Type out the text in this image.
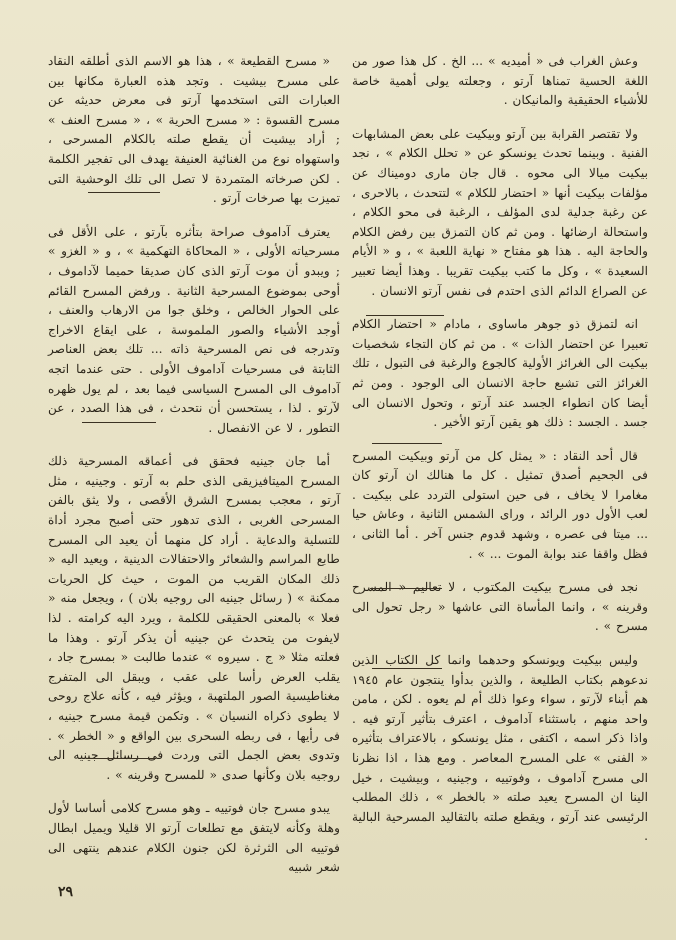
وعش الغراب فى « أميديه » ... الخ . كل هذا صور من اللغة الحسية تمناها آرتو ، وجعلته يولى أهمية خاصة للأشياء الحقيقية والمانيكان .

ولا تقتصر القرابة بين آرتو وبيكيت على بعض المشابهات الفنية . وبينما تحدث يونسكو عن « تحلل الكلام » ، نجد بيكيت ميالا الى محوه . قال جان مارى دوميناك عن مؤلفات بيكيت أنها « احتضار للكلام » لتتحدث ، بالاحرى ، عن رغبة جدلية لدى المؤلف ، الرغبة فى محو الكلام ، واستحالة ارضائها . ومن ثم كان التمزق بين رفض الكلام والحاجة اليه . هذا هو مفتاح « نهاية اللعبة » ، و « الأيام السعيدة » ، وكل ما كتب بيكيت تقريبا . وهذا أيضا تعبير عن الصراع الدائم الذى احتدم فى نفس آرتو الانسان .

انه لتمزق ذو جوهر ماساوى ، مادام « احتضار الكلام تعبيرا عن احتضار الذات » . من ثم كان التجاء شخصيات بيكيت الى الغرائز الأولية كالجوع والرغبة فى التبول ، تلك الغرائز التى تشبع حاجة الانسان الى الوجود . ومن ثم أيضا كان انطواء الجسد عند آرتو ، وتحول الانسان الى جسد . الجسد : ذلك هو يقين آرتو الأخير .

قال أحد النقاد : « يمثل كل من آرتو وبيكيت المسرح فى الجحيم أصدق تمثيل . كل ما هنالك ان آرتو كان مغامرا لا يخاف ، فى حين استولى التردد على بيكيت . لعب الأول دور الرائد ، وراى الشمس الثانية ، وعاش حيا ... ميتا فى عصره ، وشهد قدوم جنس آخر . أما الثانى ، فظل واقفا عند بوابة الموت ... » .

نجد فى مسرح بيكيت المكتوب ، لا تعاليم « المسرح وقرينه » ، وانما المأساة التى عاشها « رجل تحول الى مسرح » .

وليس بيكيت ويونسكو وحدهما وانما كل الكتاب الذين ندعوهم بكتاب الطليعة ، والذين بدأوا ينتجون عام ١٩٤٥ هم أبناء لآرتو ، سواء وعوا ذلك أم لم يعوه . لكن ، مامن واحد منهم ، باستثناء آداموف ، اعترف بتأثير آرتو فيه . واذا ذكر اسمه ، اكتفى ، مثل يونسكو ، بالاعتراف بتأثيره « الفنى » على المسرح المعاصر . ومع هذا ، اذا نظرنا الى مسرح آداموف ، وفوتييه ، وجينيه ، وبيشيت ، خيل الينا ان المسرح يعيد صلته « بالخطر » ، ذلك المطلب الرئيسى عند آرتو ، ويقطع صلته بالتقاليد المسرحية البالية .

« مسرح القطيعة » ، هذا هو الاسم الذى أطلقه النقاد على مسرح بيشيت . وتجد هذه العبارة مكانها بين العبارات التى استخدمها آرتو فى معرض حديثه عن مسرح القسوة : « مسرح الحرية » ، « مسرح العنف » ; أراد بيشيت أن يقطع صلته بالكلام المسرحى ، واستهواه نوع من الغنائية العنيفة يهدف الى تفجير الكلمة . لكن صرخاته المتمردة لا تصل الى تلك الوحشية التى تميزت بها صرخات آرتو .

يعترف آداموف صراحة بتأثره بآرتو ، على الأقل فى مسرحياته الأولى ، « المحاكاة التهكمية » ، و « الغزو » ; ويبدو أن موت آرتو الذى كان صديقا حميما لآداموف ، أوحى بموضوع المسرحية الثانية . ورفض المسرح القائم على الحوار الخالص ، وخلق جوا من الارهاب والعنف ، أوجد الأشياء والصور الملموسة ، على ايقاع الاخراج وتدرجه فى نص المسرحية ذاته ... تلك بعض العناصر الثابتة فى مسرحيات آداموف الأولى . حتى عندما اتجه آداموف الى المسرح السياسى فيما بعد ، لم يول ظهره لآرتو . لذا ، يستحسن أن نتحدث ، فى هذا الصدد ، عن التطور ، لا عن الانفصال .

أما جان جينيه فحقق فى أعماقه المسرحية ذلك المسرح الميتافيزيقى الذى حلم به آرتو . وجينيه ، مثل آرتو ، معجب بمسرح الشرق الأقصى ، ولا يثق بالفن المسرحى الغربى ، الذى تدهور حتى أصبح مجرد أداة للتسلية والدعاية . أراد كل منهما أن يعيد الى المسرح طابع المراسم والشعائر والاحتفالات الدينية ، ويعيد اليه « ذلك المكان القريب من الموت ، حيث كل الحريات ممكنة » ( رسائل جينيه الى روجيه بلان ) ، ويجعل منه « فعلا » بالمعنى الحقيقى للكلمة ، ويرد اليه كرامته . لذا لايفوت من يتحدث عن جينيه أن يذكر آرتو . وهذا ما فعلته مثلا « ج . سيروه » عندما طالبت « بمسرح جاد ، يقلب العرض رأسا على عقب ، ويبقل الى المتفرج مغناطيسية الصور الملتهبة ، ويؤثر فيه ، كأنه علاج روحى لا يطوى ذكراه النسيان » . وتكمن قيمة مسرح جينيه ، فى رأيها ، فى ربطه السحرى بين الواقع و « الخطر » . وتدوى بعض الجمل التى وردت فى رسائل جينيه الى روجيه بلان وكأنها صدى « للمسرح وقرينه » .

يبدو مسرح جان فوتييه ـ وهو مسرح كلامى أساسا لأول وهلة وكأنه لايتفق مع تطلعات آرتو الا قليلا ويميل ابطال فوتييه الى الثرثرة لكن جنون الكلام عندهم ينتهى الى شعر شبيه

٢٩
